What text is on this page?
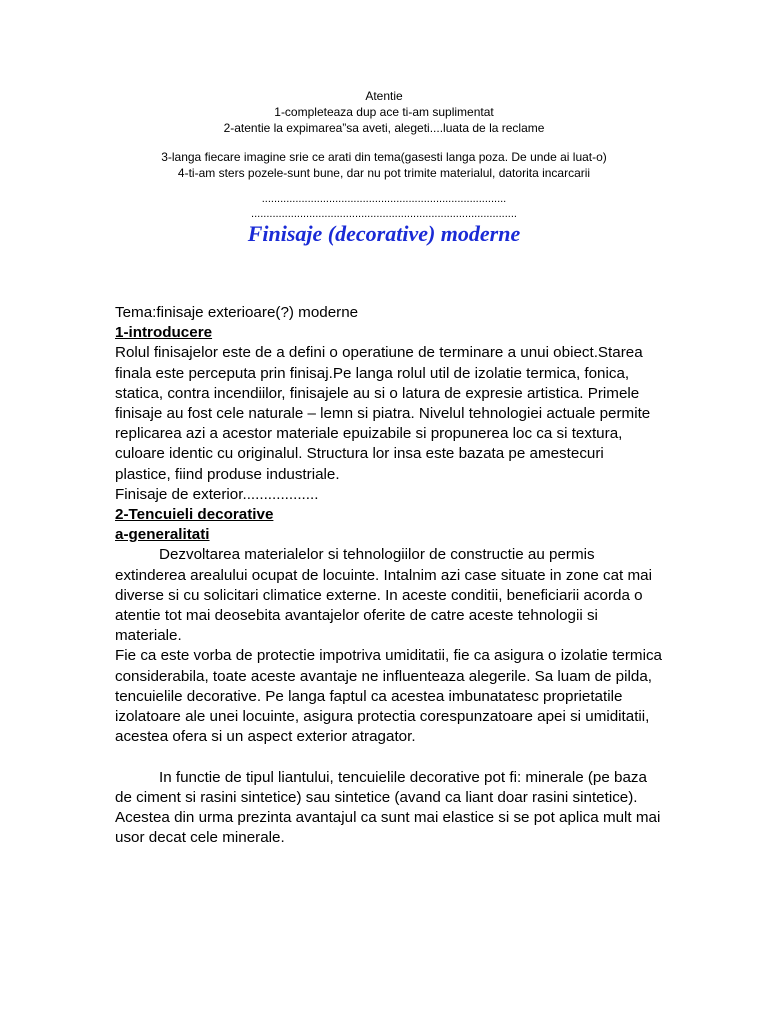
Atentie
1-completeaza dup ace ti-am suplimentat
2-atentie la expimarea”sa aveti, alegeti....luata de la reclame
3-langa fiecare imagine srie ce arati din tema(gasesti langa poza. De unde ai luat-o)
4-ti-am sters pozele-sunt bune, dar nu pot trimite materialul, datorita incarcarii
................................................................................
.......................................................................................
Finisaje (decorative) moderne
Tema:finisaje exterioare(?) moderne
1-introducere
Rolul finisajelor este de a defini o operatiune de terminare a unui obiect.Starea finala este perceputa prin finisaj.Pe langa rolul util de izolatie termica, fonica, statica, contra incendiilor, finisajele au si o latura de expresie artistica. Primele finisaje au fost cele naturale – lemn si piatra. Nivelul tehnologiei actuale permite replicarea azi a acestor materiale epuizabile si propunerea loc ca si textura, culoare identic cu originalul. Structura lor insa este bazata pe amestecuri plastice, fiind produse industriale.
Finisaje de exterior..................
2-Tencuieli decorative
a-generalitati
Dezvoltarea materialelor si tehnologiilor de constructie au permis extinderea arealului ocupat de locuinte. Intalnim azi case situate in zone cat mai diverse si cu solicitari climatice externe. In aceste conditii, beneficiarii acorda o atentie tot mai deosebita avantajelor oferite de catre aceste tehnologii si materiale.
Fie ca este vorba de protectie impotriva umiditatii, fie ca asigura o izolatie termica considerabila, toate aceste avantaje ne influenteaza alegerile. Sa luam de pilda, tencuielile decorative. Pe langa faptul ca acestea imbunatatesc proprietatile izolatoare ale unei locuinte, asigura protectia corespunzatoare apei si umiditatii, acestea ofera si un aspect exterior atragator.
In functie de tipul liantului, tencuielile decorative pot fi: minerale (pe baza de ciment si rasini sintetice) sau sintetice (avand ca liant doar rasini sintetice). Acestea din urma prezinta avantajul ca sunt mai elastice si se pot aplica mult mai usor decat cele minerale.
